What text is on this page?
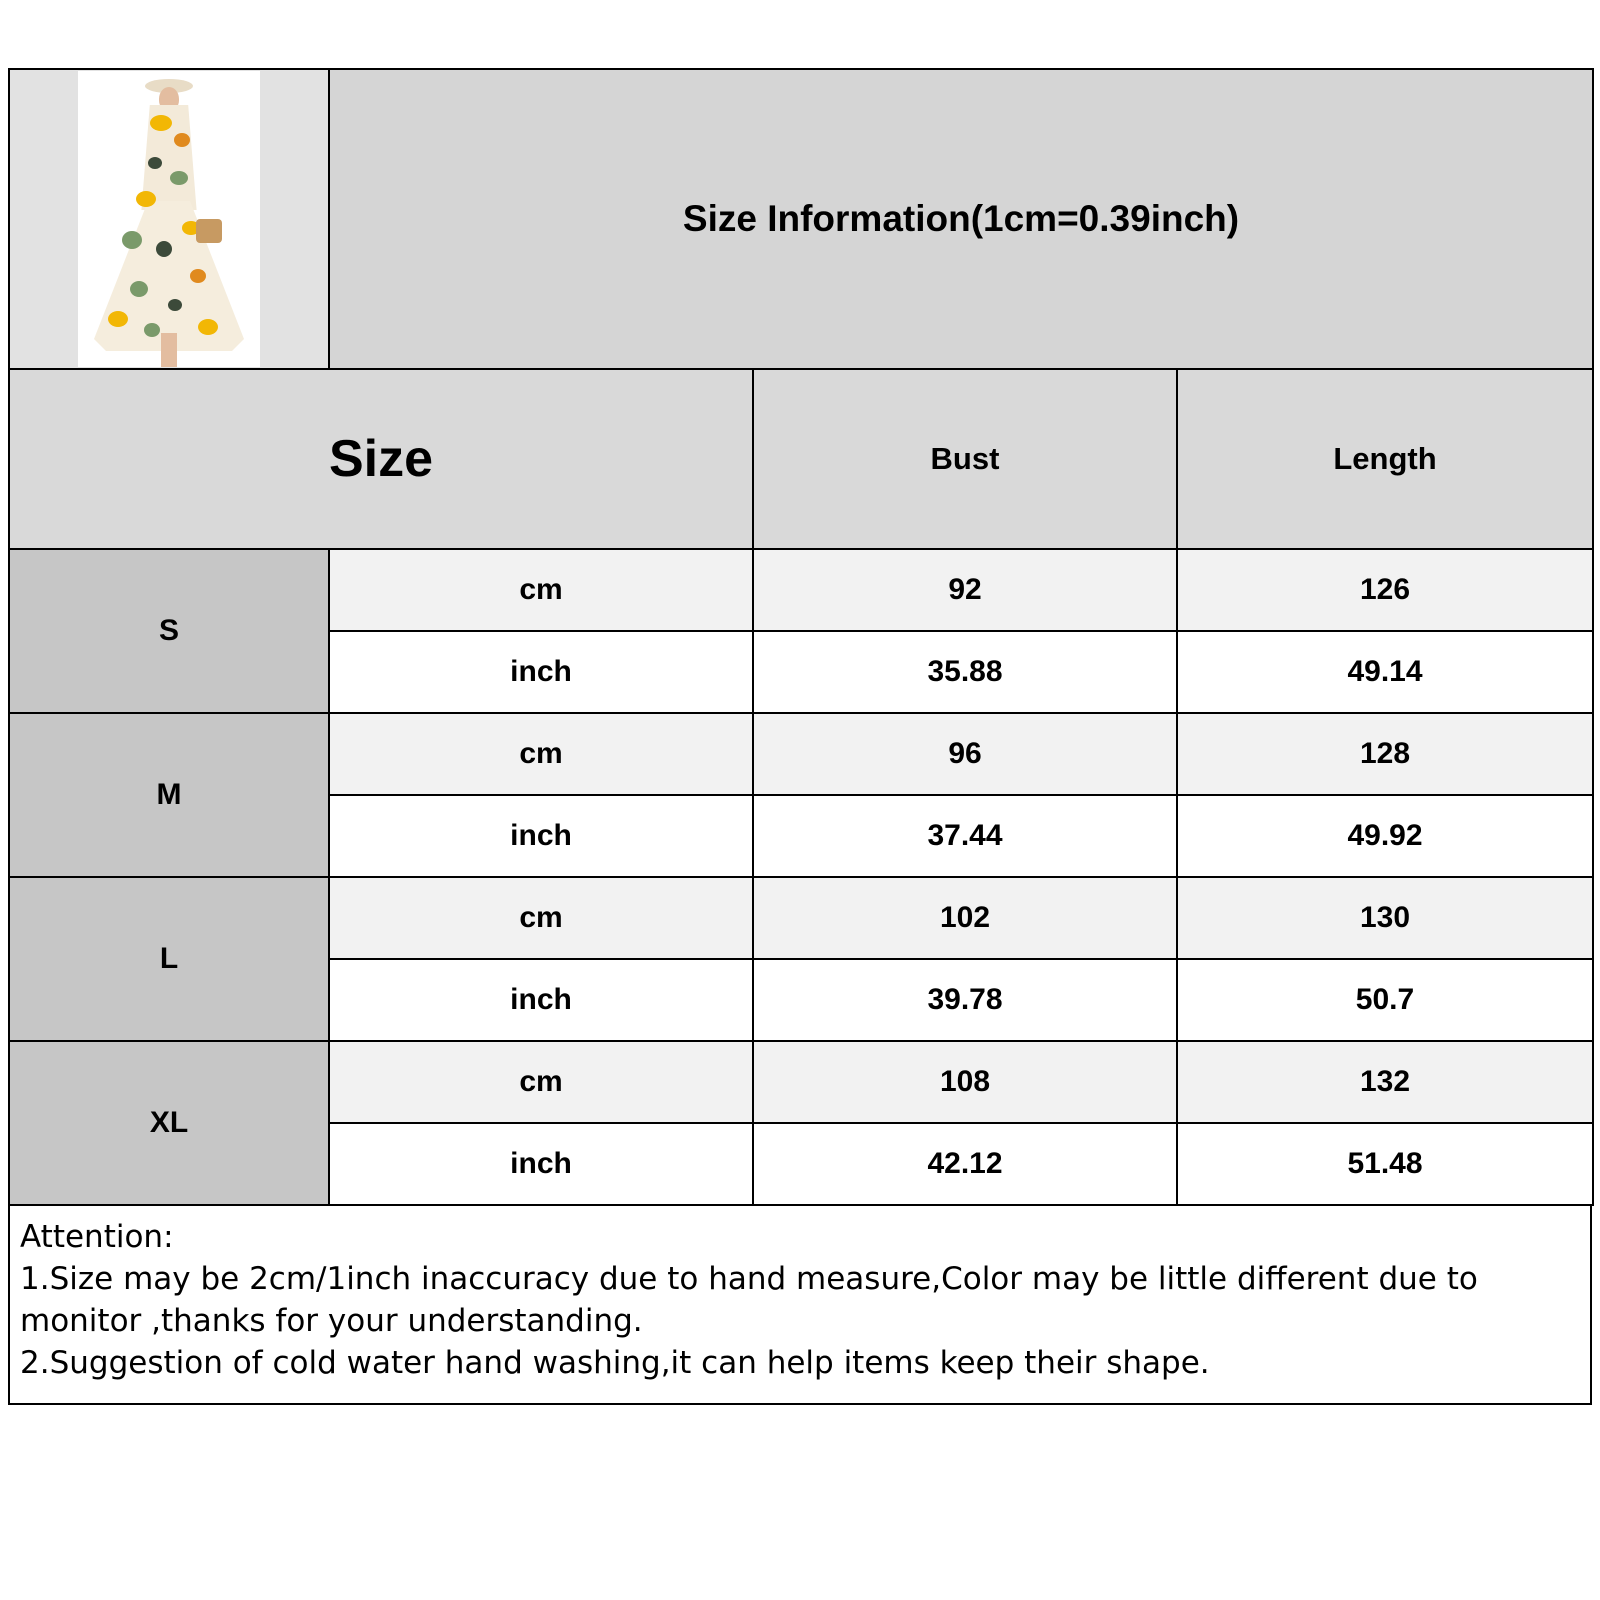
	Size Information(1cm=0.39inch)		
Size		Bust	Length
S	cm	92	126
	inch	35.88	49.14
M	cm	96	128
	inch	37.44	49.92
L	cm	102	130
	inch	39.78	50.7
XL	cm	108	132
	inch	42.12	51.48
Attention:
1.Size may be 2cm/1inch inaccuracy due to hand measure,Color may be little different due to
monitor ,thanks for your understanding.
2.Suggestion of cold water hand washing,it can help items keep their shape.
